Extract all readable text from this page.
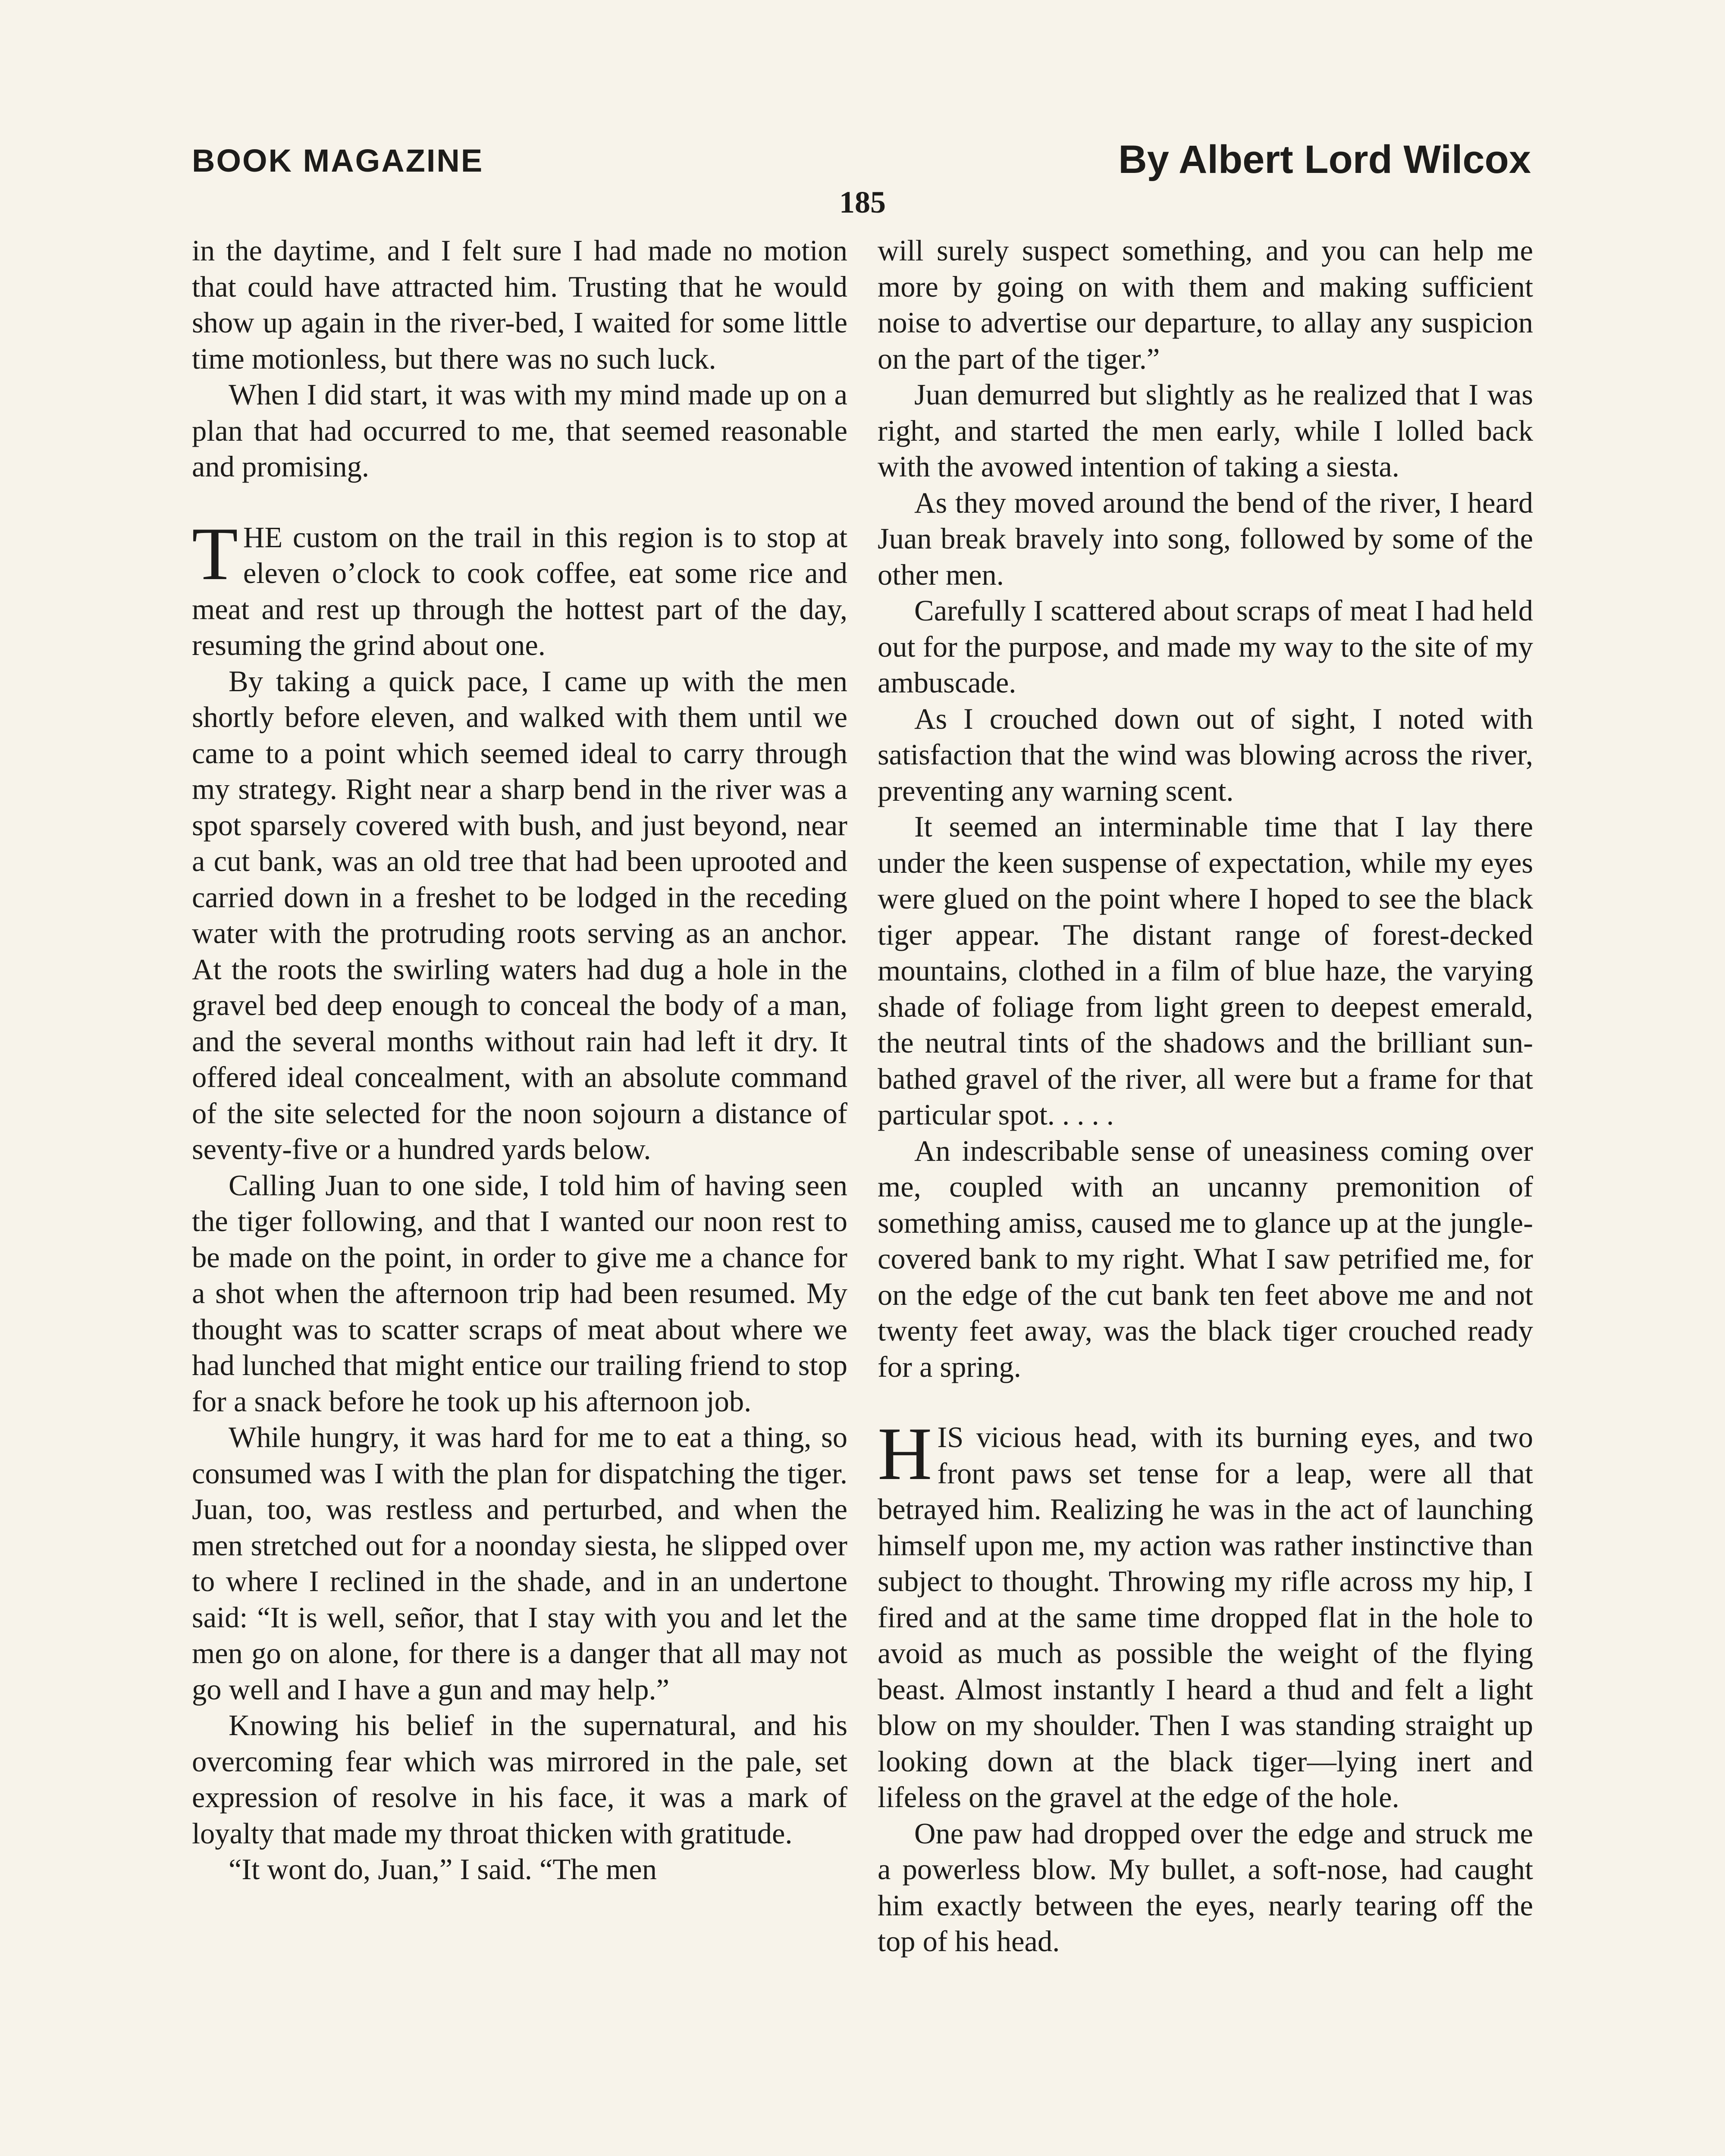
BOOK MAGAZINE	By Albert Lord Wilcox
185

in the daytime, and I felt sure I had made no motion that could have attracted him. Trusting that he would show up again in the river-bed, I waited for some little time motionless, but there was no such luck.

When I did start, it was with my mind made up on a plan that had occurred to me, that seemed reasonable and promising.

THE custom on the trail in this region is to stop at eleven o’clock to cook coffee, eat some rice and meat and rest up through the hottest part of the day, resuming the grind about one.

By taking a quick pace, I came up with the men shortly before eleven, and walked with them until we came to a point which seemed ideal to carry through my strategy. Right near a sharp bend in the river was a spot sparsely covered with bush, and just beyond, near a cut bank, was an old tree that had been uprooted and carried down in a freshet to be lodged in the receding water with the protruding roots serving as an anchor. At the roots the swirling waters had dug a hole in the gravel bed deep enough to conceal the body of a man, and the several months without rain had left it dry. It offered ideal concealment, with an absolute command of the site selected for the noon sojourn a distance of seventy-five or a hundred yards below.

Calling Juan to one side, I told him of having seen the tiger following, and that I wanted our noon rest to be made on the point, in order to give me a chance for a shot when the afternoon trip had been resumed. My thought was to scatter scraps of meat about where we had lunched that might entice our trailing friend to stop for a snack before he took up his afternoon job.

While hungry, it was hard for me to eat a thing, so consumed was I with the plan for dispatching the tiger. Juan, too, was restless and perturbed, and when the men stretched out for a noonday siesta, he slipped over to where I reclined in the shade, and in an undertone said: “It is well, señor, that I stay with you and let the men go on alone, for there is a danger that all may not go well and I have a gun and may help.”

Knowing his belief in the supernatural, and his overcoming fear which was mirrored in the pale, set expression of resolve in his face, it was a mark of loyalty that made my throat thicken with gratitude.

“It wont do, Juan,” I said. “The men

will surely suspect something, and you can help me more by going on with them and making sufficient noise to advertise our departure, to allay any suspicion on the part of the tiger.”

Juan demurred but slightly as he realized that I was right, and started the men early, while I lolled back with the avowed intention of taking a siesta.

As they moved around the bend of the river, I heard Juan break bravely into song, followed by some of the other men.

Carefully I scattered about scraps of meat I had held out for the purpose, and made my way to the site of my ambuscade.

As I crouched down out of sight, I noted with satisfaction that the wind was blowing across the river, preventing any warning scent.

It seemed an interminable time that I lay there under the keen suspense of expectation, while my eyes were glued on the point where I hoped to see the black tiger appear. The distant range of forest-decked mountains, clothed in a film of blue haze, the varying shade of foliage from light green to deepest emerald, the neutral tints of the shadows and the brilliant sun-bathed gravel of the river, all were but a frame for that particular spot. . . . .

An indescribable sense of uneasiness coming over me, coupled with an uncanny premonition of something amiss, caused me to glance up at the jungle-covered bank to my right. What I saw petrified me, for on the edge of the cut bank ten feet above me and not twenty feet away, was the black tiger crouched ready for a spring.

HIS vicious head, with its burning eyes, and two front paws set tense for a leap, were all that betrayed him. Realizing he was in the act of launching himself upon me, my action was rather instinctive than subject to thought. Throwing my rifle across my hip, I fired and at the same time dropped flat in the hole to avoid as much as possible the weight of the flying beast. Almost instantly I heard a thud and felt a light blow on my shoulder. Then I was standing straight up looking down at the black tiger—lying inert and lifeless on the gravel at the edge of the hole.

One paw had dropped over the edge and struck me a powerless blow. My bullet, a soft-nose, had caught him exactly between the eyes, nearly tearing off the top of his head.
